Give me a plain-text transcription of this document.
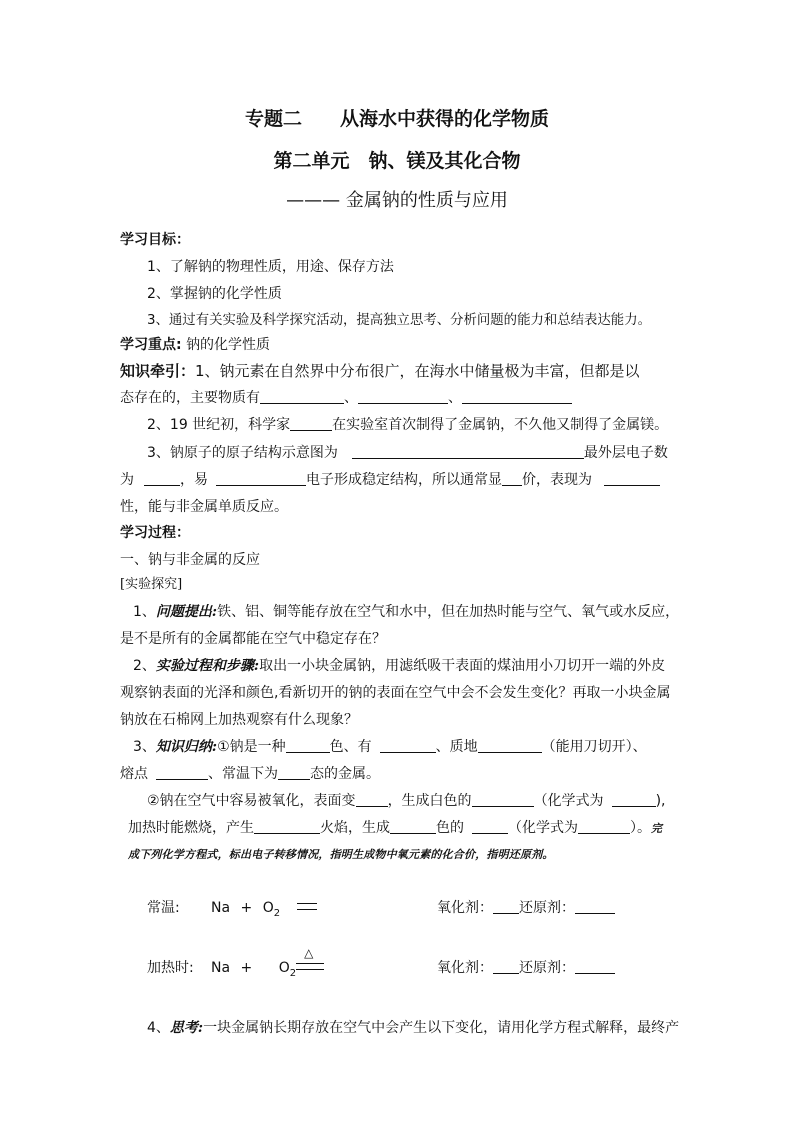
专题二　　从海水中获得的化学物质
第二单元　钠、镁及其化合物
——— 金属钠的性质与应用
学习目标：
1、了解钠的物理性质，用途、保存方法
2、掌握钠的化学性质
3、通过有关实验及科学探究活动，提高独立思考、分析问题的能力和总结表达能力。
学习重点: 钠的化学性质
知识牵引：1、钠元素在自然界中分布很广，在海水中储量极为丰富，但都是以
态存在的，主要物质有	、	、
2、19 世纪初，科学家	在实验室首次制得了金属钠，不久他又制得了金属镁。
3、钠原子的原子结构示意图为	最外层电子数
为	，易	电子形成稳定结构，所以通常显 价，表现为
性，能与非金属单质反应。
学习过程：
一、钠与非金属的反应
[实验探究]
1、问题提出:铁、铝、铜等能存放在空气和水中，但在加热时能与空气、氧气或水反应，
是不是所有的金属都能在空气中稳定存在？
2、实验过程和步骤:取出一小块金属钠，用滤纸吸干表面的煤油用小刀切开一端的外皮
观察钠表面的光泽和颜色,看新切开的钠的表面在空气中会不会发生变化？再取一小块金属
钠放在石棉网上加热观察有什么现象？
3、知识归纳:①钠是一种	色、有	、质地	（能用刀切开）、
熔点	、常温下为 态的金属。
②钠在空气中容易被氧化，表面变 ，生成白色的	（化学式为	),
加热时能燃烧，产生	火焰，生成	色的	（化学式为	）。完
成下列化学方程式，标出电子转移情况，指明生成物中氧元素的化合价，指明还原剂。
常温: $Na + O_2$	氧化剂： 还原剂：
加热时: $Na + O_2$
△
氧化剂： 还原剂：
4、思考:一块金属钠长期存放在空气中会产生以下变化，请用化学方程式解释，最终产
